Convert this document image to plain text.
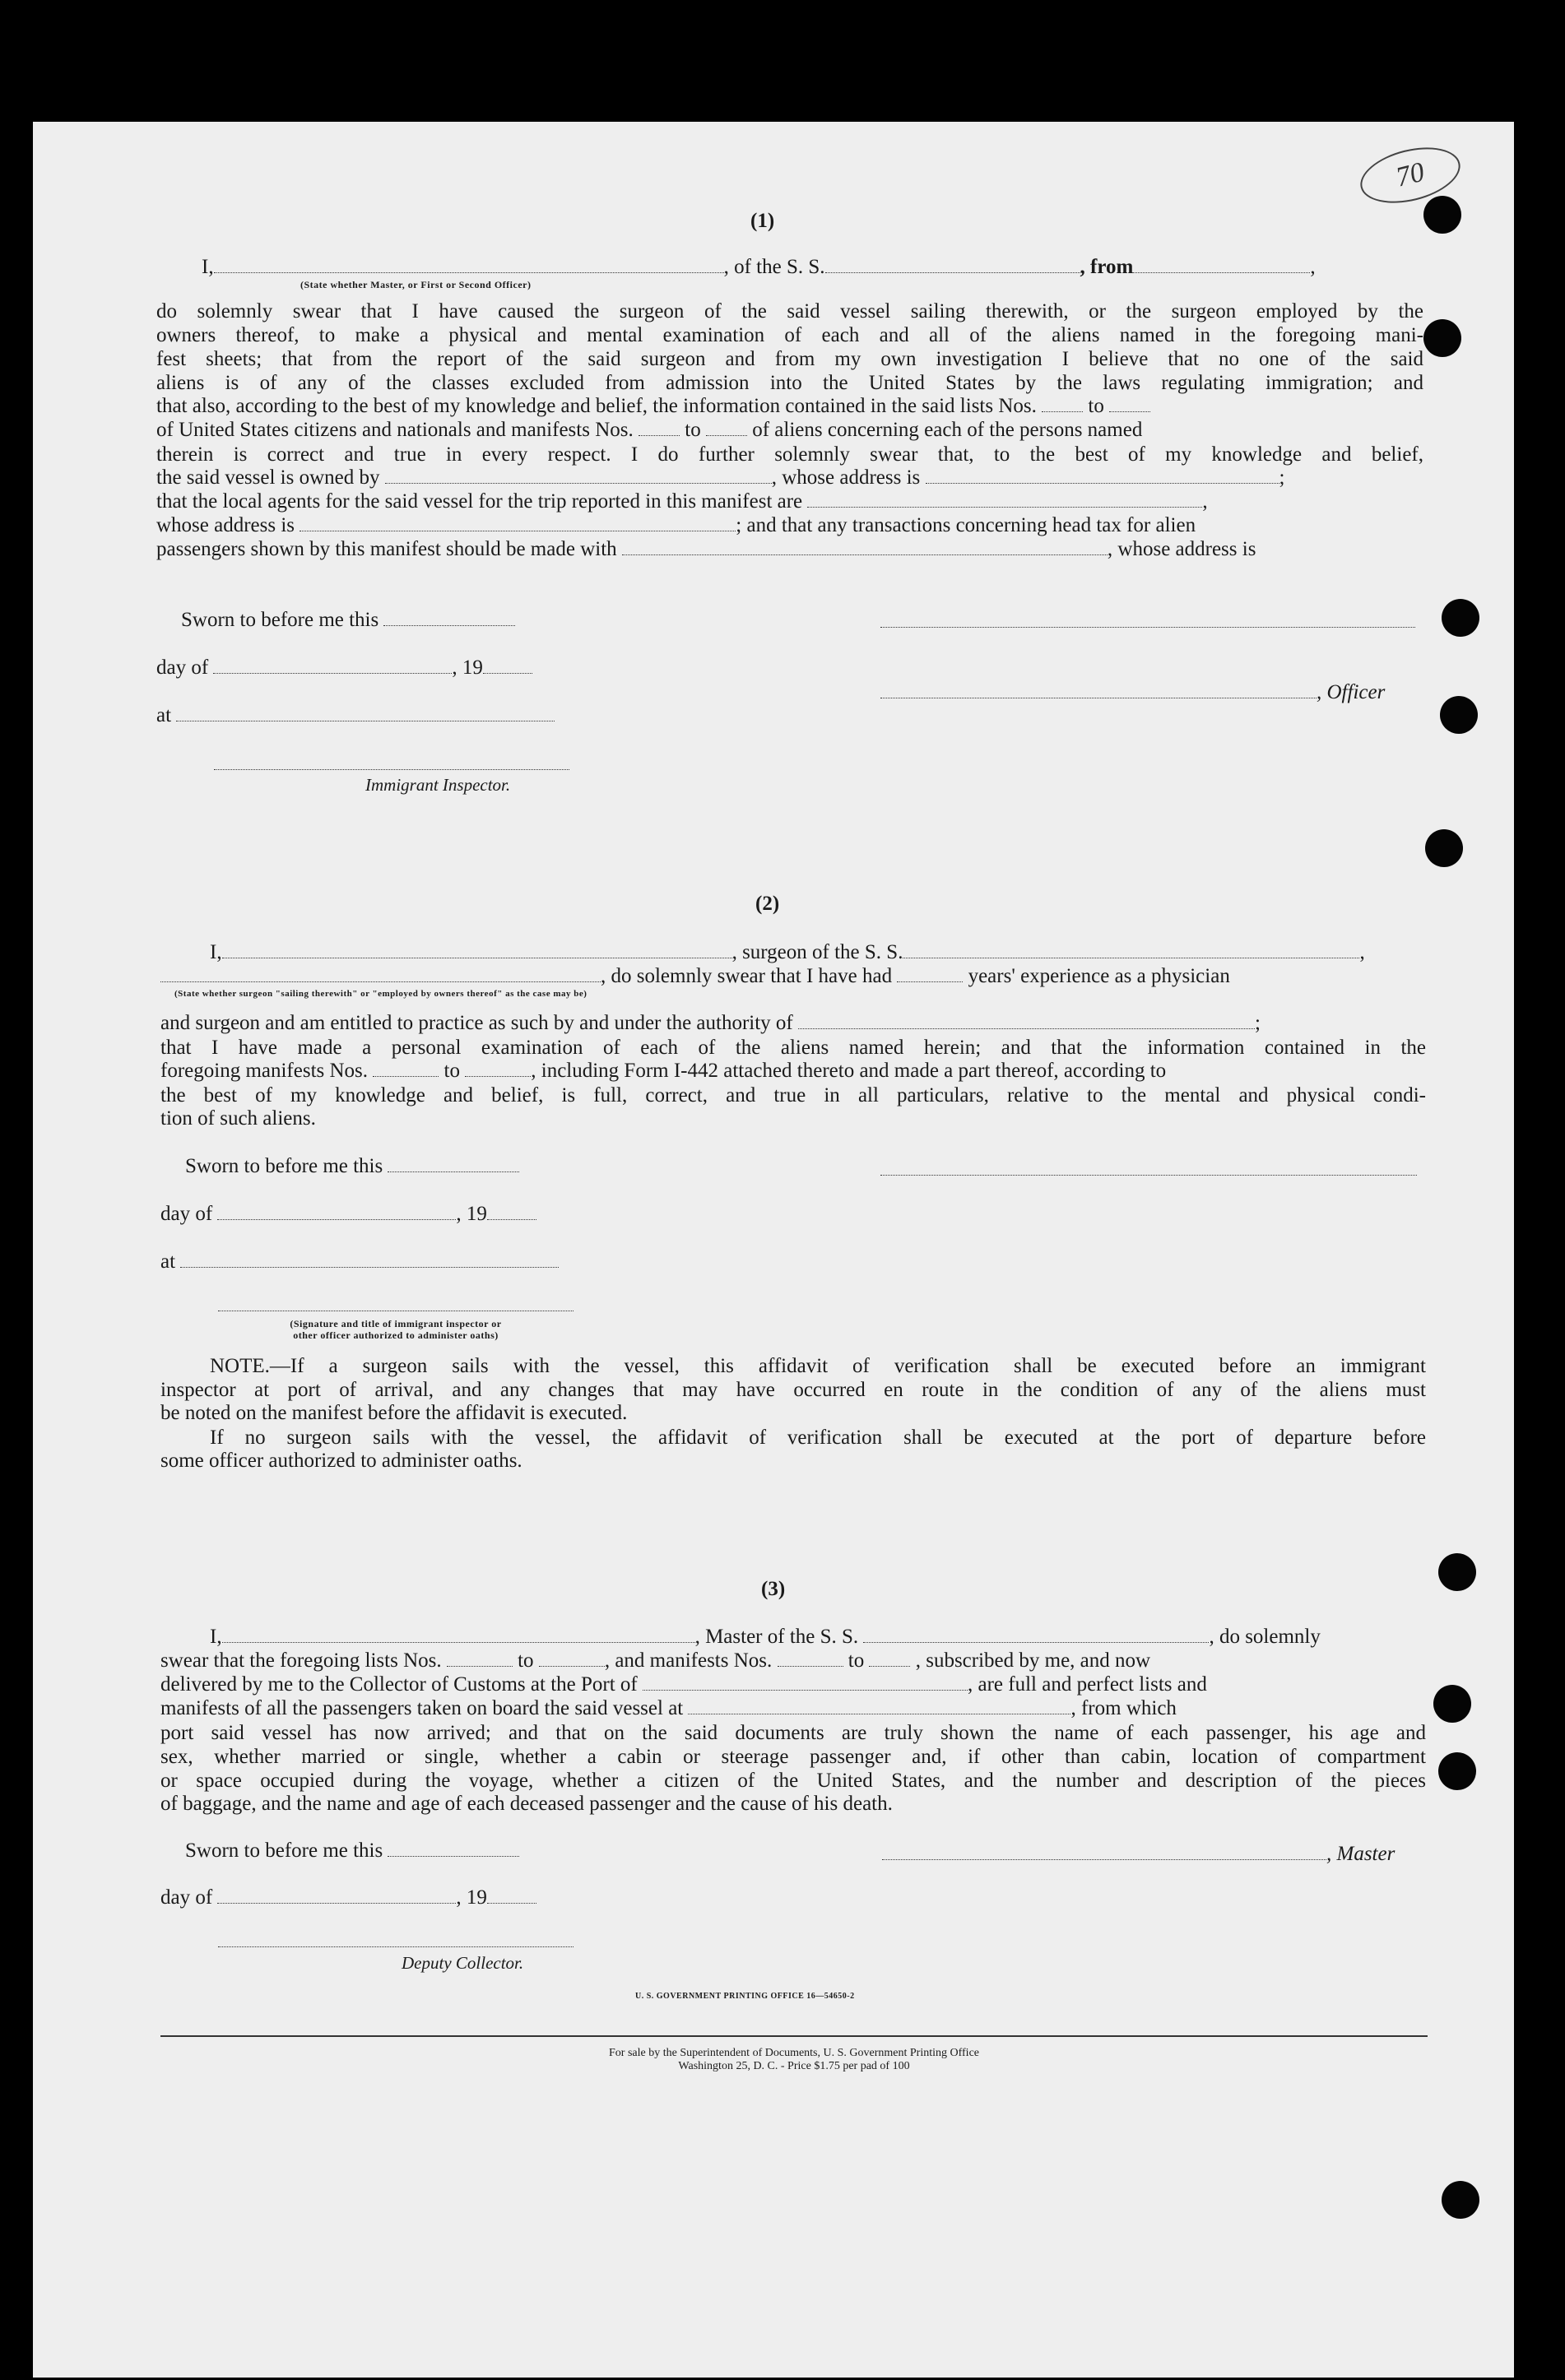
70
(1)
I,	, of the S. S.	, from	,
(State whether Master, or First or Second Officer)
do solemnly swear that I have caused the surgeon of the said vessel sailing therewith, or the surgeon employed by the
owners thereof, to make a physical and mental examination of each and all of the aliens named in the foregoing mani-
fest sheets; that from the report of the said surgeon and from my own investigation I believe that no one of the said
aliens is of any of the classes excluded from admission into the United States by the laws regulating immigration; and
that also, according to the best of my knowledge and belief, the information contained in the said lists Nos.	to
of United States citizens and nationals and manifests Nos.	to	of aliens concerning each of the persons named
therein is correct and true in every respect. I do further solemnly swear that, to the best of my knowledge and belief,
the said vessel is owned by	, whose address is	;
that the local agents for the said vessel for the trip reported in this manifest are	,
whose address is	; and that any transactions concerning head tax for alien
passengers shown by this manifest should be made with	, whose address is
Sworn to before me this
day of	, 19
, Officer
at
Immigrant Inspector.
(2)
I,	, surgeon of the S. S.	,
, do solemnly swear that I have had	years' experience as a physician
(State whether surgeon "sailing therewith" or "employed by owners thereof" as the case may be)
and surgeon and am entitled to practice as such by and under the authority of	;
that I have made a personal examination of each of the aliens named herein; and that the information contained in the
foregoing manifests Nos.	to	, including Form I-442 attached thereto and made a part thereof, according to
the best of my knowledge and belief, is full, correct, and true in all particulars, relative to the mental and physical condi-
tion of such aliens.
Sworn to before me this
day of	, 19
at
(Signature and title of immigrant inspector or
other officer authorized to administer oaths)
NOTE.—If a surgeon sails with the vessel, this affidavit of verification shall be executed before an immigrant
inspector at port of arrival, and any changes that may have occurred en route in the condition of any of the aliens must
be noted on the manifest before the affidavit is executed.
If no surgeon sails with the vessel, the affidavit of verification shall be executed at the port of departure before
some officer authorized to administer oaths.
(3)
I,	, Master of the S. S.	, do solemnly
swear that the foregoing lists Nos.	to	, and manifests Nos.	to	, subscribed by me, and now
delivered by me to the Collector of Customs at the Port of	, are full and perfect lists and
manifests of all the passengers taken on board the said vessel at	, from which
port said vessel has now arrived; and that on the said documents are truly shown the name of each passenger, his age and
sex, whether married or single, whether a cabin or steerage passenger and, if other than cabin, location of compartment
or space occupied during the voyage, whether a citizen of the United States, and the number and description of the pieces
of baggage, and the name and age of each deceased passenger and the cause of his death.
Sworn to before me this	, Master
day of	, 19
Deputy Collector.
U. S. GOVERNMENT PRINTING OFFICE 16—54650-2
For sale by the Superintendent of Documents, U. S. Government Printing Office
Washington 25, D. C. - Price $1.75 per pad of 100
